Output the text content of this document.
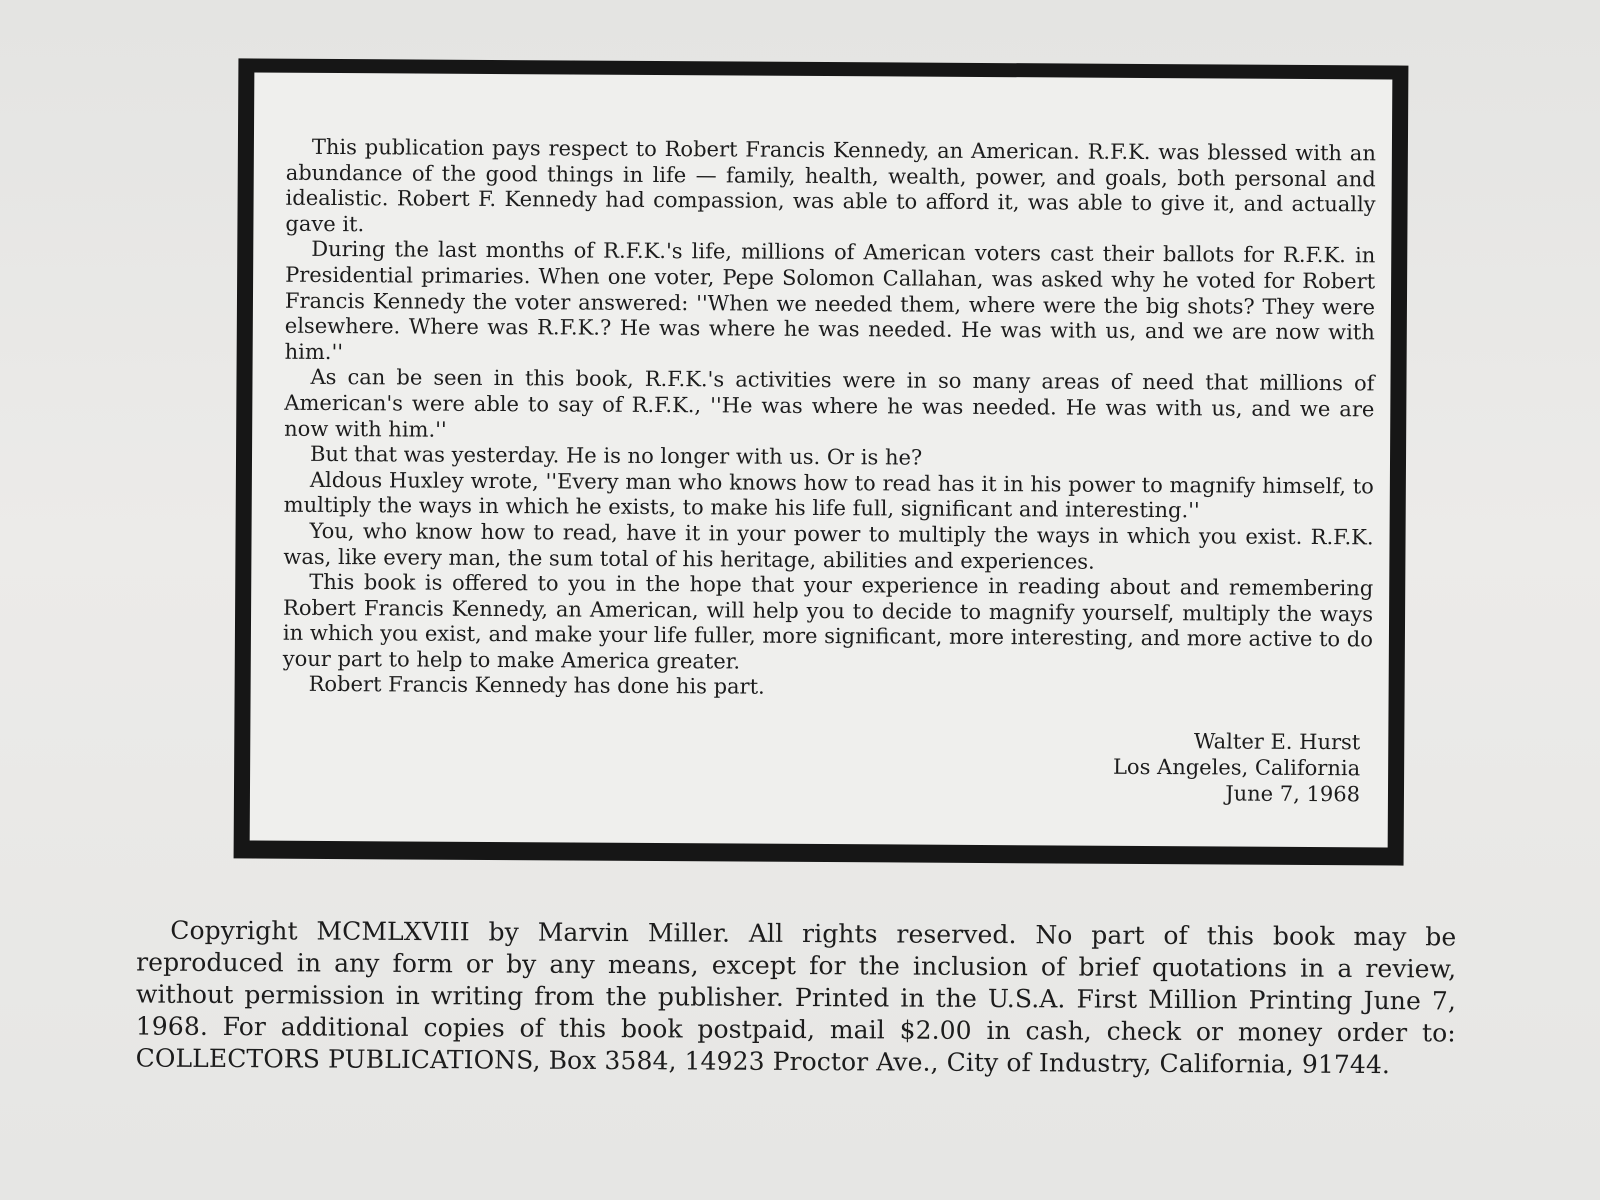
This publication pays respect to Robert Francis Kennedy, an American. R.F.K. was blessed with an abundance of the good things in life — family, health, wealth, power, and goals, both personal and idealistic. Robert F. Kennedy had compassion, was able to afford it, was able to give it, and actually gave it.

During the last months of R.F.K.'s life, millions of American voters cast their ballots for R.F.K. in Presidential primaries. When one voter, Pepe Solomon Callahan, was asked why he voted for Robert Francis Kennedy the voter answered: ''When we needed them, where were the big shots? They were elsewhere. Where was R.F.K.? He was where he was needed. He was with us, and we are now with him.''

As can be seen in this book, R.F.K.'s activities were in so many areas of need that millions of American's were able to say of R.F.K., ''He was where he was needed. He was with us, and we are now with him.''

But that was yesterday. He is no longer with us. Or is he?

Aldous Huxley wrote, ''Every man who knows how to read has it in his power to magnify himself, to multiply the ways in which he exists, to make his life full, significant and interesting.''

You, who know how to read, have it in your power to multiply the ways in which you exist. R.F.K. was, like every man, the sum total of his heritage, abilities and experiences.

This book is offered to you in the hope that your experience in reading about and remembering Robert Francis Kennedy, an American, will help you to decide to magnify yourself, multiply the ways in which you exist, and make your life fuller, more significant, more interesting, and more active to do your part to help to make America greater.

Robert Francis Kennedy has done his part.

Walter E. Hurst
Los Angeles, California
June 7, 1968
Copyright MCMLXVIII by Marvin Miller. All rights reserved. No part of this book may be reproduced in any form or by any means, except for the inclusion of brief quotations in a review, without permission in writing from the publisher. Printed in the U.S.A. First Million Printing June 7, 1968. For additional copies of this book postpaid, mail $2.00 in cash, check or money order to: COLLECTORS PUBLICATIONS, Box 3584, 14923 Proctor Ave., City of Industry, California, 91744.
